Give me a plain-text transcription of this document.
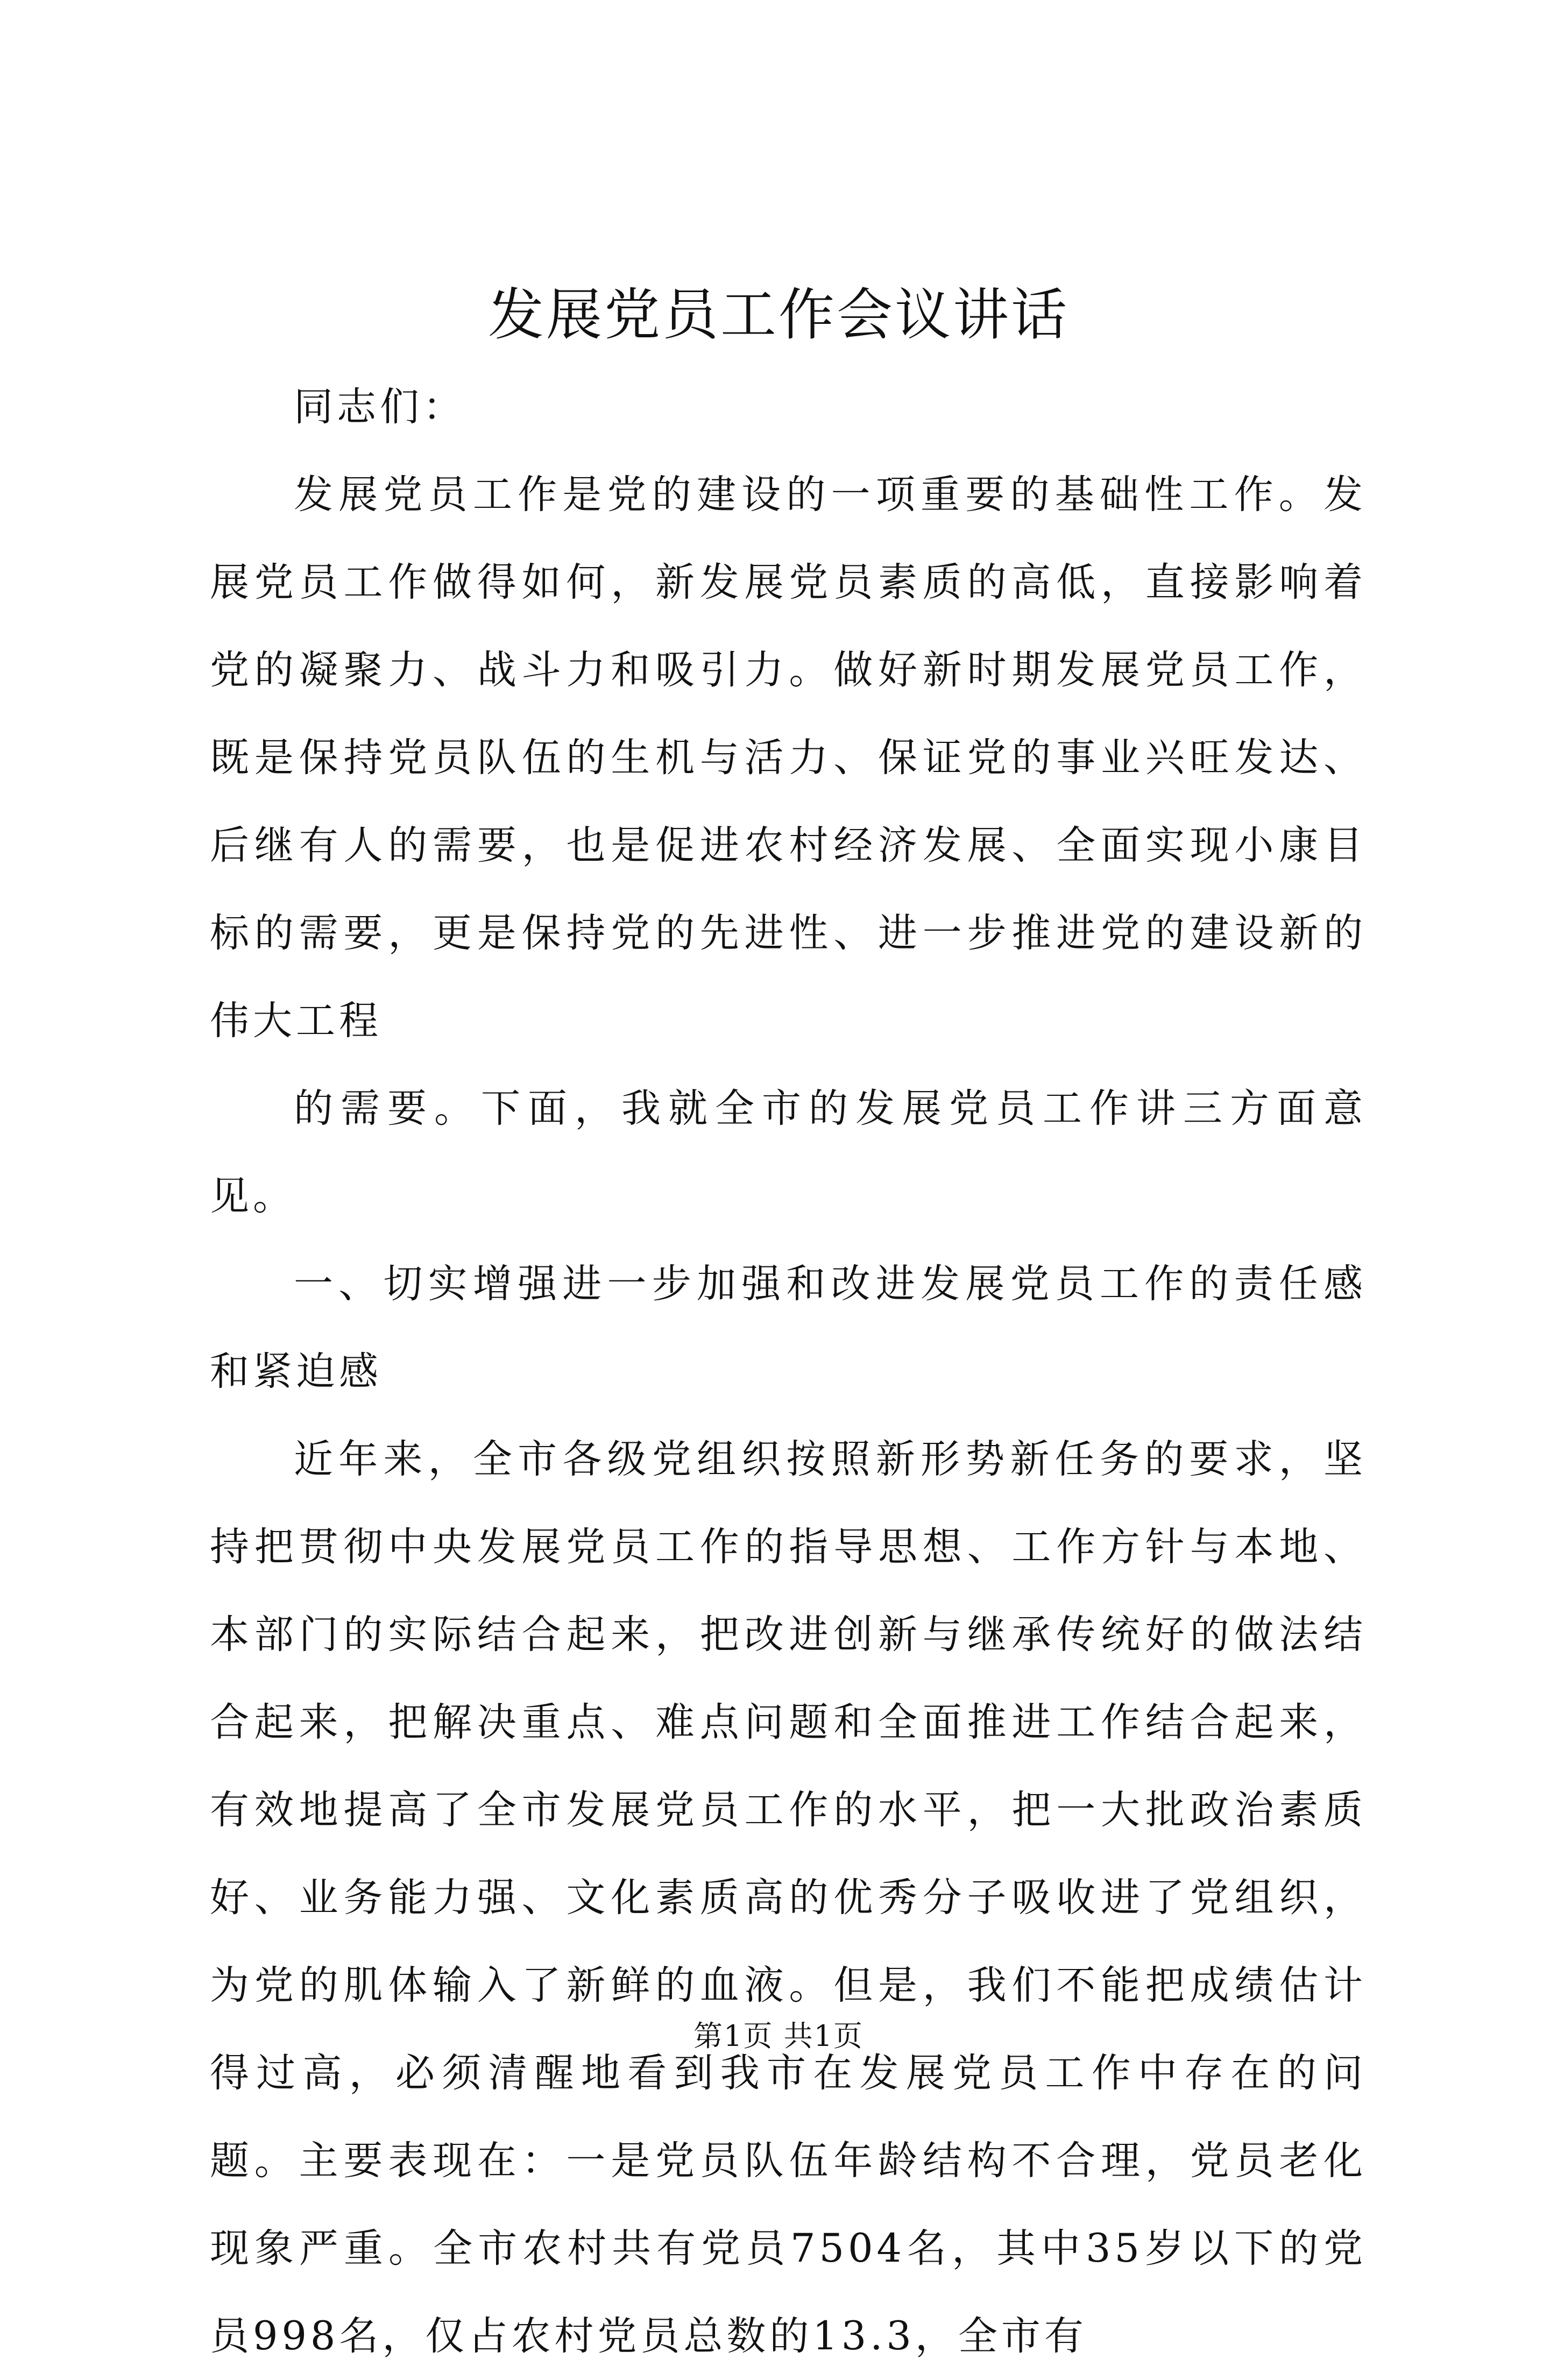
发展党员工作会议讲话

同志们：

发展党员工作是党的建设的一项重要的基础性工作。发展党员工作做得如何，新发展党员素质的高低，直接影响着党的凝聚力、战斗力和吸引力。做好新时期发展党员工作，既是保持党员队伍的生机与活力、保证党的事业兴旺发达、后继有人的需要，也是促进农村经济发展、全面实现小康目标的需要，更是保持党的先进性、进一步推进党的建设新的伟大工程

的需要。下面，我就全市的发展党员工作讲三方面意见。

一、切实增强进一步加强和改进发展党员工作的责任感和紧迫感

近年来，全市各级党组织按照新形势新任务的要求，坚持把贯彻中央发展党员工作的指导思想、工作方针与本地、本部门的实际结合起来，把改进创新与继承传统好的做法结合起来，把解决重点、难点问题和全面推进工作结合起来，有效地提高了全市发展党员工作的水平，把一大批政治素质好、业务能力强、文化素质高的优秀分子吸收进了党组织，为党的肌体输入了新鲜的血液。但是，我们不能把成绩估计得过高，必须清醒地看到我市在发展党员工作中存在的问题。主要表现在：一是党员队伍年龄结构不合理，党员老化现象严重。全市农村共有党员7504名，其中35岁以下的党员998名，仅占农村党员总数的13.3，全市有

第1页 共1页
